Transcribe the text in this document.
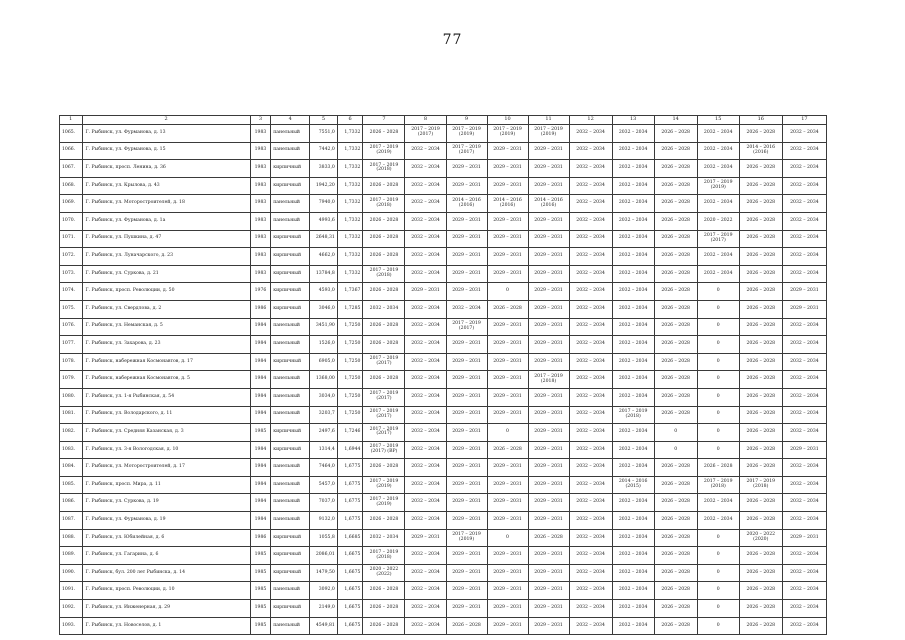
77
1	2	3	4	5	6	7	8	9	10	11	12	13	14	15	16	17
1065.	Г. Рыбинск, ул. Фурманова, д. 13	1983	панельный	7551,0	1,7332	2026 – 2028	2017 – 2019 (2017)	2017 – 2019 (2019)	2017 – 2019 (2019)	2017 – 2019 (2019)	2032 – 2034	2032 – 2034	2026 – 2028	2032 – 2034	2026 – 2028	2032 – 2034
1066.	Г. Рыбинск, ул. Фурманова, д. 15	1983	панельный	7442,0	1,7332	2017 – 2019 (2019)	2032 – 2034	2017 – 2019 (2017)	2029 – 2031	2029 – 2031	2032 – 2034	2032 – 2034	2026 – 2028	2032 – 2034	2014 – 2016 (2016)	2032 – 2034
1067.	Г. Рыбинск, просп. Ленина, д. 36	1983	кирпичный	3833,0	1,7332	2017 – 2019 (2018)	2032 – 2034	2029 – 2031	2029 – 2031	2029 – 2031	2032 – 2034	2032 – 2034	2026 – 2028	2032 – 2034	2026 – 2028	2032 – 2034
1068.	Г. Рыбинск, ул. Крылова, д. 43	1983	кирпичный	1942,20	1,7332	2026 – 2028	2032 – 2034	2029 – 2031	2029 – 2031	2029 – 2031	2032 – 2034	2032 – 2034	2026 – 2028	2017 – 2019 (2019)	2026 – 2028	2032 – 2034
1069.	Г. Рыбинск, ул. Моторостроителей, д. 18	1983	панельный	7940,0	1,7332	2017 – 2019 (2018)	2032 – 2034	2014 – 2016 (2016)	2014 – 2016 (2016)	2014 – 2016 (2016)	2032 – 2034	2032 – 2034	2026 – 2028	2032 – 2034	2026 – 2028	2032 – 2034
1070.	Г. Рыбинск, ул. Фурманова, д. 1а	1983	панельный	4993,6	1,7332	2026 – 2028	2032 – 2034	2029 – 2031	2029 – 2031	2029 – 2031	2032 – 2034	2032 – 2034	2026 – 2028	2020 – 2022	2026 – 2028	2032 – 2034
1071.	Г. Рыбинск, ул. Пушкина, д. 47	1983	кирпичный	2648,31	1,7332	2026 – 2028	2032 – 2034	2029 – 2031	2029 – 2031	2029 – 2031	2032 – 2034	2032 – 2034	2026 – 2028	2017 – 2019 (2017)	2026 – 2028	2032 – 2034
1072.	Г. Рыбинск, ул. Луначарского, д. 23	1983	кирпичный	4662,0	1,7332	2026 – 2028	2032 – 2034	2029 – 2031	2029 – 2031	2029 – 2031	2032 – 2034	2032 – 2034	2026 – 2028	2032 – 2034	2026 – 2028	2032 – 2034
1073.	Г. Рыбинск, ул. Суркова, д. 21	1983	кирпичный	13784,8	1,7332	2017 – 2019 (2018)	2032 – 2034	2029 – 2031	2029 – 2031	2029 – 2031	2032 – 2034	2032 – 2034	2026 – 2028	2032 – 2034	2026 – 2028	2032 – 2034
1074.	Г. Рыбинск, просп. Революции, д. 50	1976	кирпичный	4593,0	1,7367	2026 – 2028	2029 – 2031	2029 – 2031	0	2029 – 2031	2032 – 2034	2032 – 2034	2026 – 2028	0	2026 – 2028	2029 – 2031
1075.	Г. Рыбинск, ул. Свердлова, д. 2	1986	кирпичный	3046,0	1,7285	2032 – 2034	2032 – 2034	2032 – 2034	2026 – 2028	2029 – 2031	2032 – 2034	2032 – 2034	2026 – 2028	0	2026 – 2028	2029 – 2031
1076.	Г. Рыбинск, ул. Неманская, д. 5	1984	панельный	3451,90	1,7250	2026 – 2028	2032 – 2034	2017 – 2019 (2017)	2029 – 2031	2029 – 2031	2032 – 2034	2032 – 2034	2026 – 2028	0	2026 – 2028	2032 – 2034
1077.	Г. Рыбинск, ул. Захарова, д. 23	1984	панельный	1526,0	1,7250	2026 – 2028	2032 – 2034	2029 – 2031	2029 – 2031	2029 – 2031	2032 – 2034	2032 – 2034	2026 – 2028	0	2026 – 2028	2032 – 2034
1078.	Г. Рыбинск, набережная Космонавтов, д. 17	1984	кирпичный	6905,0	1,7250	2017 – 2019 (2017)	2032 – 2034	2029 – 2031	2029 – 2031	2029 – 2031	2032 – 2034	2032 – 2034	2026 – 2028	0	2026 – 2028	2032 – 2034
1079.	Г. Рыбинск, набережная Космонавтов, д. 5	1984	панельный	1368,00	1,7250	2026 – 2028	2032 – 2034	2029 – 2031	2029 – 2031	2017 – 2019 (2018)	2032 – 2034	2032 – 2034	2026 – 2028	0	2026 – 2028	2032 – 2034
1080.	Г. Рыбинск, ул. 1-я Рыбинская, д. 54	1984	панельный	3034,0	1,7250	2017 – 2019 (2017)	2032 – 2034	2029 – 2031	2029 – 2031	2029 – 2031	2032 – 2034	2032 – 2034	2026 – 2028	0	2026 – 2028	2032 – 2034
1081.	Г. Рыбинск, ул. Володарского, д. 11	1984	панельный	3203,7	1,7250	2017 – 2019 (2017)	2032 – 2034	2029 – 2031	2029 – 2031	2029 – 2031	2032 – 2034	2017 – 2019 (2018)	2026 – 2028	0	2026 – 2028	2032 – 2034
1082.	Г. Рыбинск, ул. Средняя Казанская, д. 3	1985	кирпичный	2497,6	1,7246	2017 – 2019 (2017)	2032 – 2034	2029 – 2031	0	2029 – 2031	2032 – 2034	2032 – 2034	0	0	2026 – 2028	2032 – 2034
1083.	Г. Рыбинск, ул. 3-я Вологодская, д. 10	1984	кирпичный	1314,4	1,6944	2017 – 2019 (2017) (ВР)	2032 – 2034	2029 – 2031	2026 – 2028	2029 – 2031	2032 – 2034	2032 – 2034	0	0	2026 – 2028	2029 – 2031
1084.	Г. Рыбинск, ул. Моторостроителей, д. 17	1984	панельный	7464,0	1,6775	2026 – 2028	2032 – 2034	2029 – 2031	2029 – 2031	2029 – 2031	2032 – 2034	2032 – 2034	2026 – 2028	2026 – 2028	2026 – 2028	2032 – 2034
1085.	Г. Рыбинск, просп. Мира, д. 11	1984	панельный	5457,0	1,6775	2017 – 2019 (2019)	2032 – 2034	2029 – 2031	2029 – 2031	2029 – 2031	2032 – 2034	2014 – 2016 (2015)	2026 – 2028	2017 – 2019 (2018)	2017 – 2019 (2018)	2032 – 2034
1086.	Г. Рыбинск, ул. Суркова, д. 19	1984	панельный	7037,0	1,6775	2017 – 2019 (2019)	2032 – 2034	2029 – 2031	2029 – 2031	2029 – 2031	2032 – 2034	2032 – 2034	2026 – 2028	2032 – 2034	2026 – 2028	2032 – 2034
1087.	Г. Рыбинск, ул. Фурманова, д. 19	1984	панельный	9132,0	1,6775	2026 – 2028	2032 – 2034	2029 – 2031	2029 – 2031	2029 – 2031	2032 – 2034	2032 – 2034	2026 – 2028	2032 – 2034	2026 – 2028	2032 – 2034
1088.	Г. Рыбинск, ул. Юбилейная, д. 6	1986	кирпичный	1055,8	1,6685	2032 – 2034	2029 – 2031	2017 – 2019 (2019)	0	2026 – 2028	2032 – 2034	2032 – 2034	2026 – 2028	0	2020 – 2022 (2020)	2029 – 2031
1089.	Г. Рыбинск, ул. Гагарина, д. 6	1985	кирпичный	2086,01	1,6675	2017 – 2019 (2018)	2032 – 2034	2029 – 2031	2029 – 2031	2029 – 2031	2032 – 2034	2032 – 2034	2026 – 2028	0	2026 – 2028	2032 – 2034
1090.	Г. Рыбинск, бул. 200 лет Рыбинска, д. 14	1985	кирпичный	1479,50	1,6675	2020 – 2022 (2022)	2032 – 2034	2029 – 2031	2029 – 2031	2029 – 2031	2032 – 2034	2032 – 2034	2026 – 2028	0	2026 – 2028	2032 – 2034
1091.	Г. Рыбинск, просп. Революции, д. 10	1985	панельный	3092,0	1,6675	2026 – 2028	2032 – 2034	2029 – 2031	2029 – 2031	2029 – 2031	2032 – 2034	2032 – 2034	2026 – 2028	0	2026 – 2028	2032 – 2034
1092.	Г. Рыбинск, ул. Инженерная, д. 29	1985	кирпичный	2149,0	1,6675	2026 – 2028	2032 – 2034	2029 – 2031	2029 – 2031	2029 – 2031	2032 – 2034	2032 – 2034	2026 – 2028	0	2026 – 2028	2032 – 2034
1093.	Г. Рыбинск, ул. Новоселов, д. 1	1985	панельный	4549,81	1,6675	2026 – 2028	2032 – 2034	2026 – 2028	2029 – 2031	2029 – 2031	2032 – 2034	2032 – 2034	2026 – 2028	0	2026 – 2028	2032 – 2034
